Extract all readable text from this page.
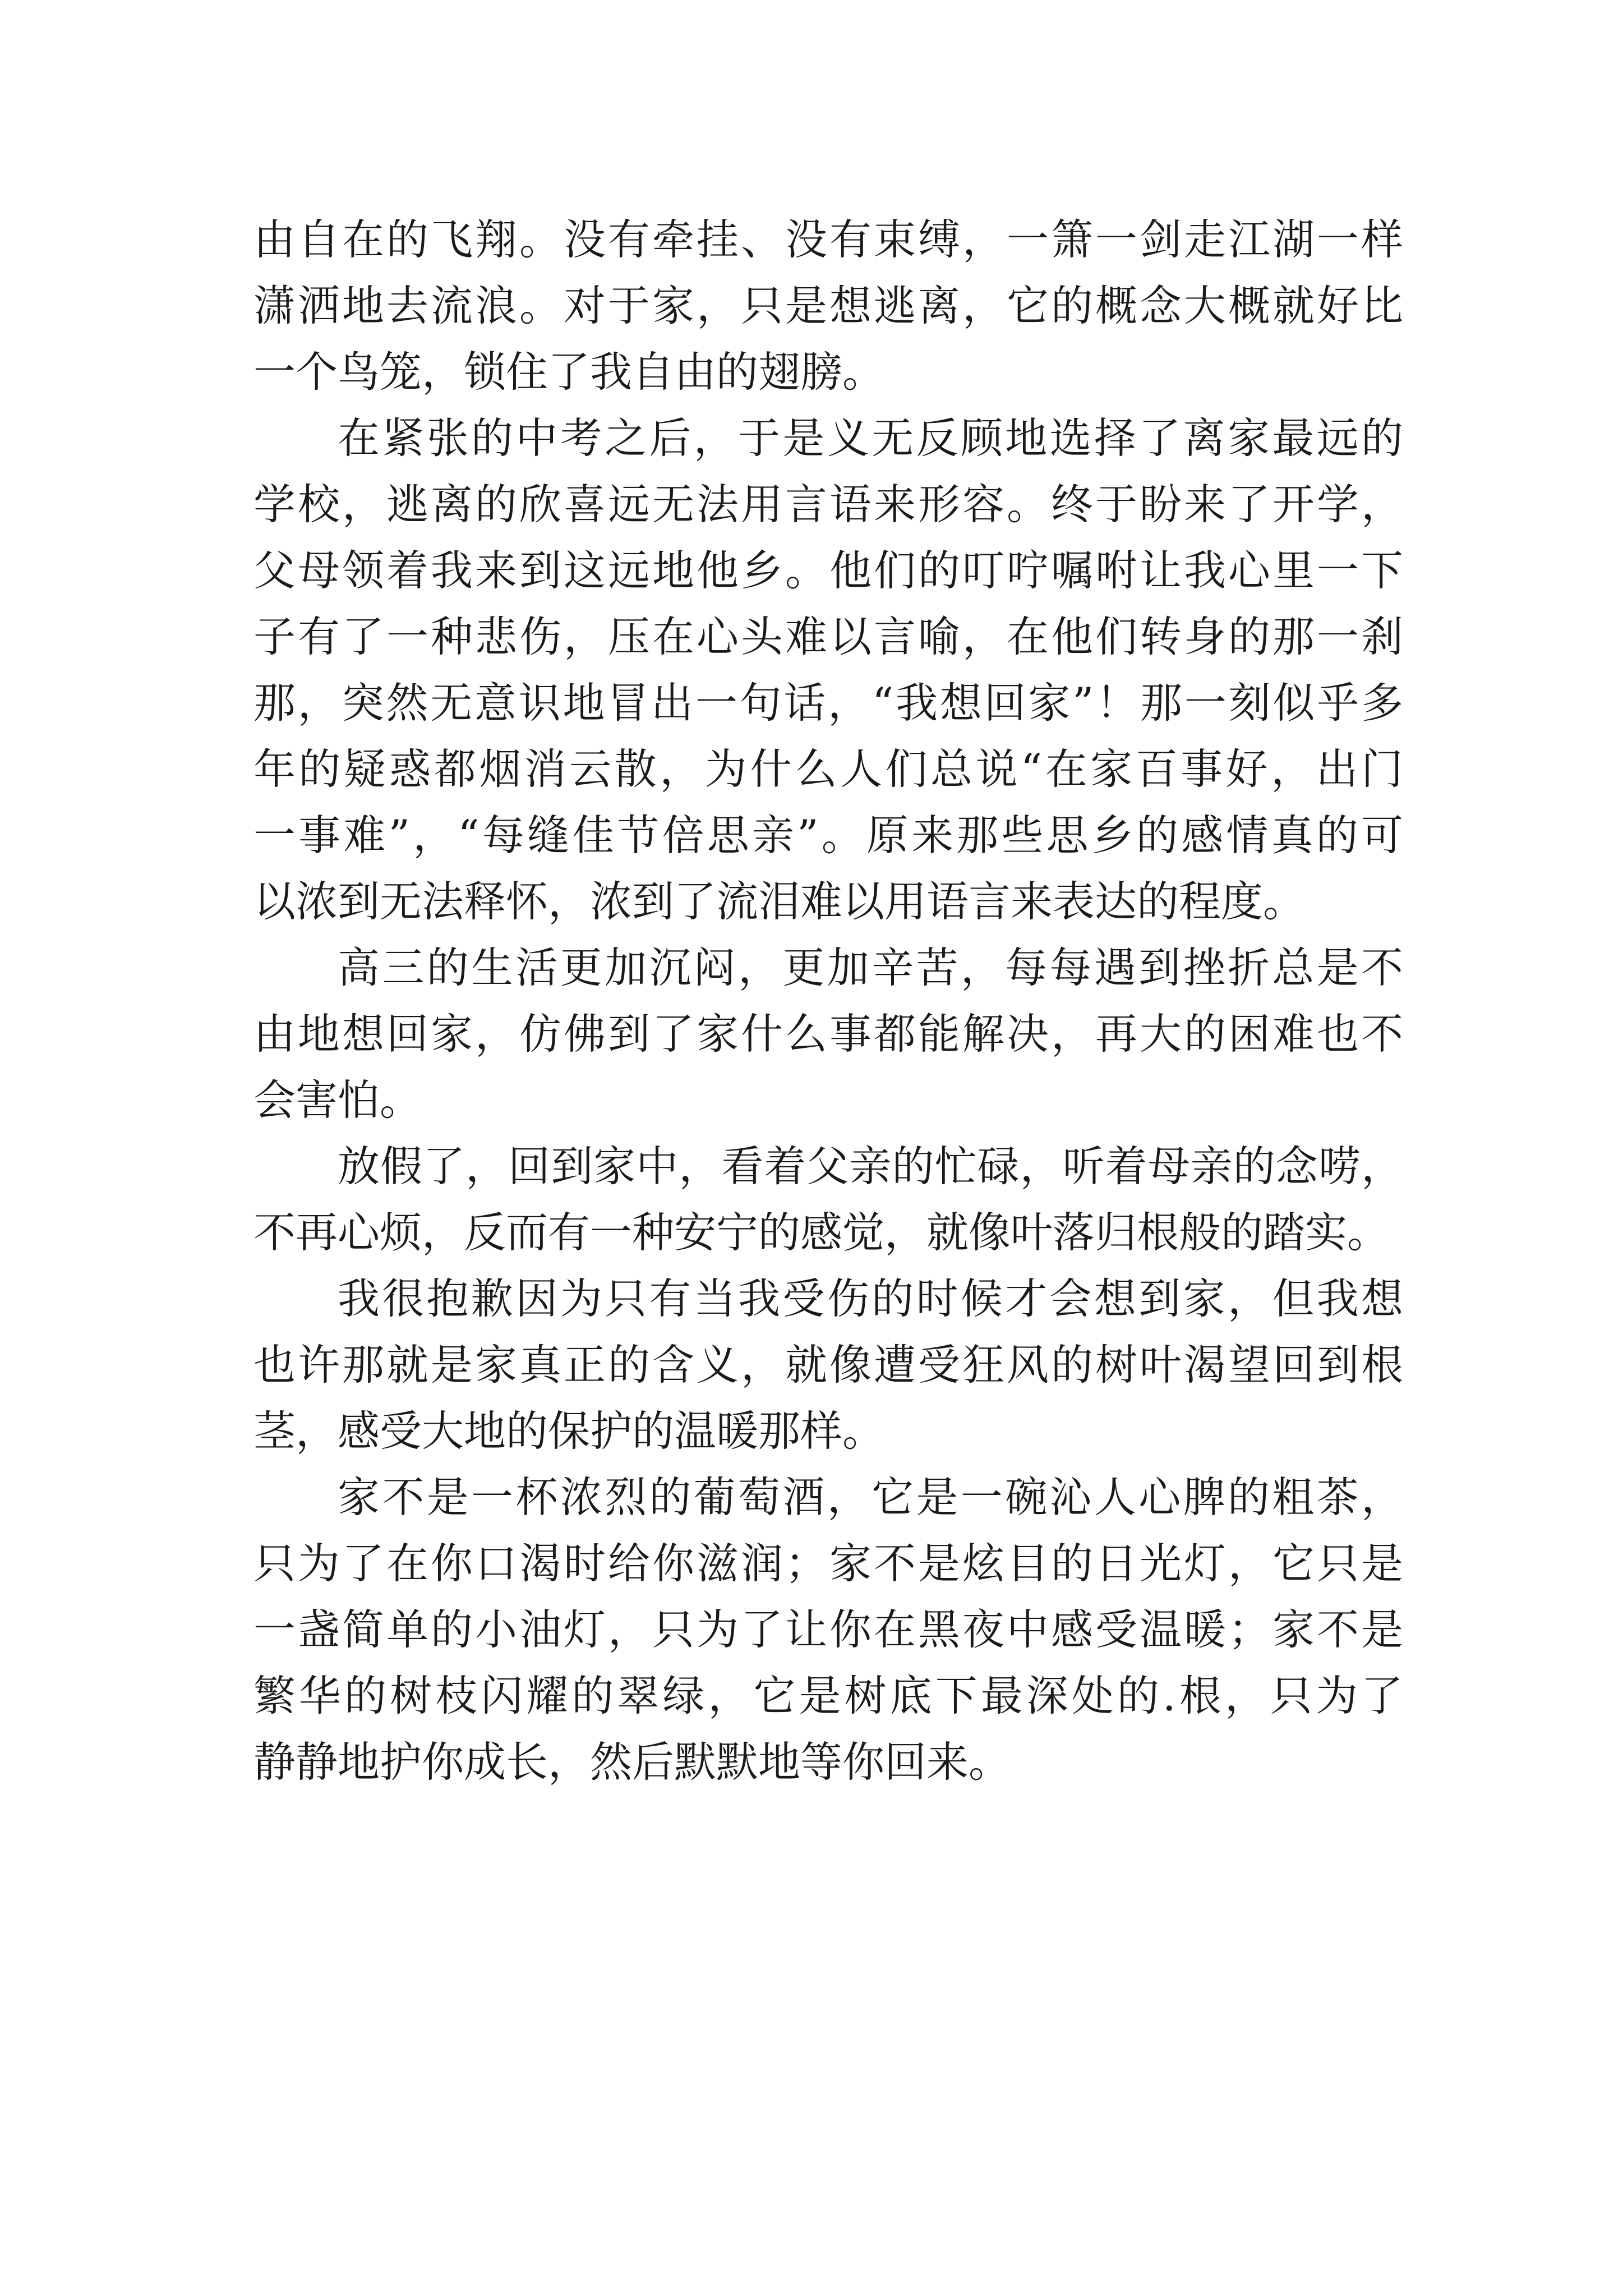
由自在的飞翔。没有牵挂、没有束缚，一箫一剑走江湖一样
潇洒地去流浪。对于家，只是想逃离，它的概念大概就好比
一个鸟笼，锁住了我自由的翅膀。

在紧张的中考之后，于是义无反顾地选择了离家最远的
学校，逃离的欣喜远无法用言语来形容。终于盼来了开学，
父母领着我来到这远地他乡。他们的叮咛嘱咐让我心里一下
子有了一种悲伤，压在心头难以言喻，在他们转身的那一刹
那，突然无意识地冒出一句话，“我想回家”！那一刻似乎多
年的疑惑都烟消云散，为什么人们总说“在家百事好，出门
一事难”，“每缝佳节倍思亲”。原来那些思乡的感情真的可
以浓到无法释怀，浓到了流泪难以用语言来表达的程度。

高三的生活更加沉闷，更加辛苦，每每遇到挫折总是不
由地想回家，仿佛到了家什么事都能解决，再大的困难也不
会害怕。

放假了，回到家中，看着父亲的忙碌，听着母亲的念唠，
不再心烦，反而有一种安宁的感觉，就像叶落归根般的踏实。

我很抱歉因为只有当我受伤的时候才会想到家，但我想
也许那就是家真正的含义，就像遭受狂风的树叶渴望回到根
茎，感受大地的保护的温暖那样。

家不是一杯浓烈的葡萄酒，它是一碗沁人心脾的粗茶，
只为了在你口渴时给你滋润；家不是炫目的日光灯，它只是
一盏简单的小油灯，只为了让你在黑夜中感受温暖；家不是
繁华的树枝闪耀的翠绿，它是树底下最深处的.根，只为了
静静地护你成长，然后默默地等你回来。
